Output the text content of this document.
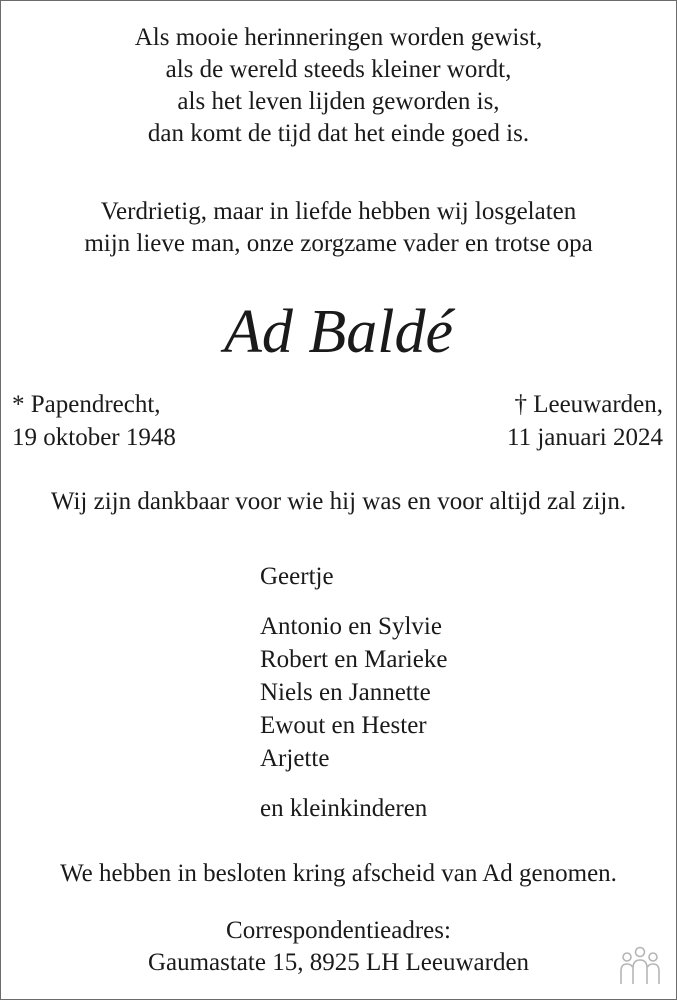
Als mooie herinneringen worden gewist,
als de wereld steeds kleiner wordt,
als het leven lijden geworden is,
dan komt de tijd dat het einde goed is.
Verdrietig, maar in liefde hebben wij losgelaten
mijn lieve man, onze zorgzame vader en trotse opa
Ad Baldé
* Papendrecht,
19 oktober 1948
† Leeuwarden,
11 januari 2024
Wij zijn dankbaar voor wie hij was en voor altijd zal zijn.
Geertje
Antonio en Sylvie
Robert en Marieke
Niels en Jannette
Ewout en Hester
Arjette
en kleinkinderen
We hebben in besloten kring afscheid van Ad genomen.
Correspondentieadres:
Gaumastate 15, 8925 LH Leeuwarden
